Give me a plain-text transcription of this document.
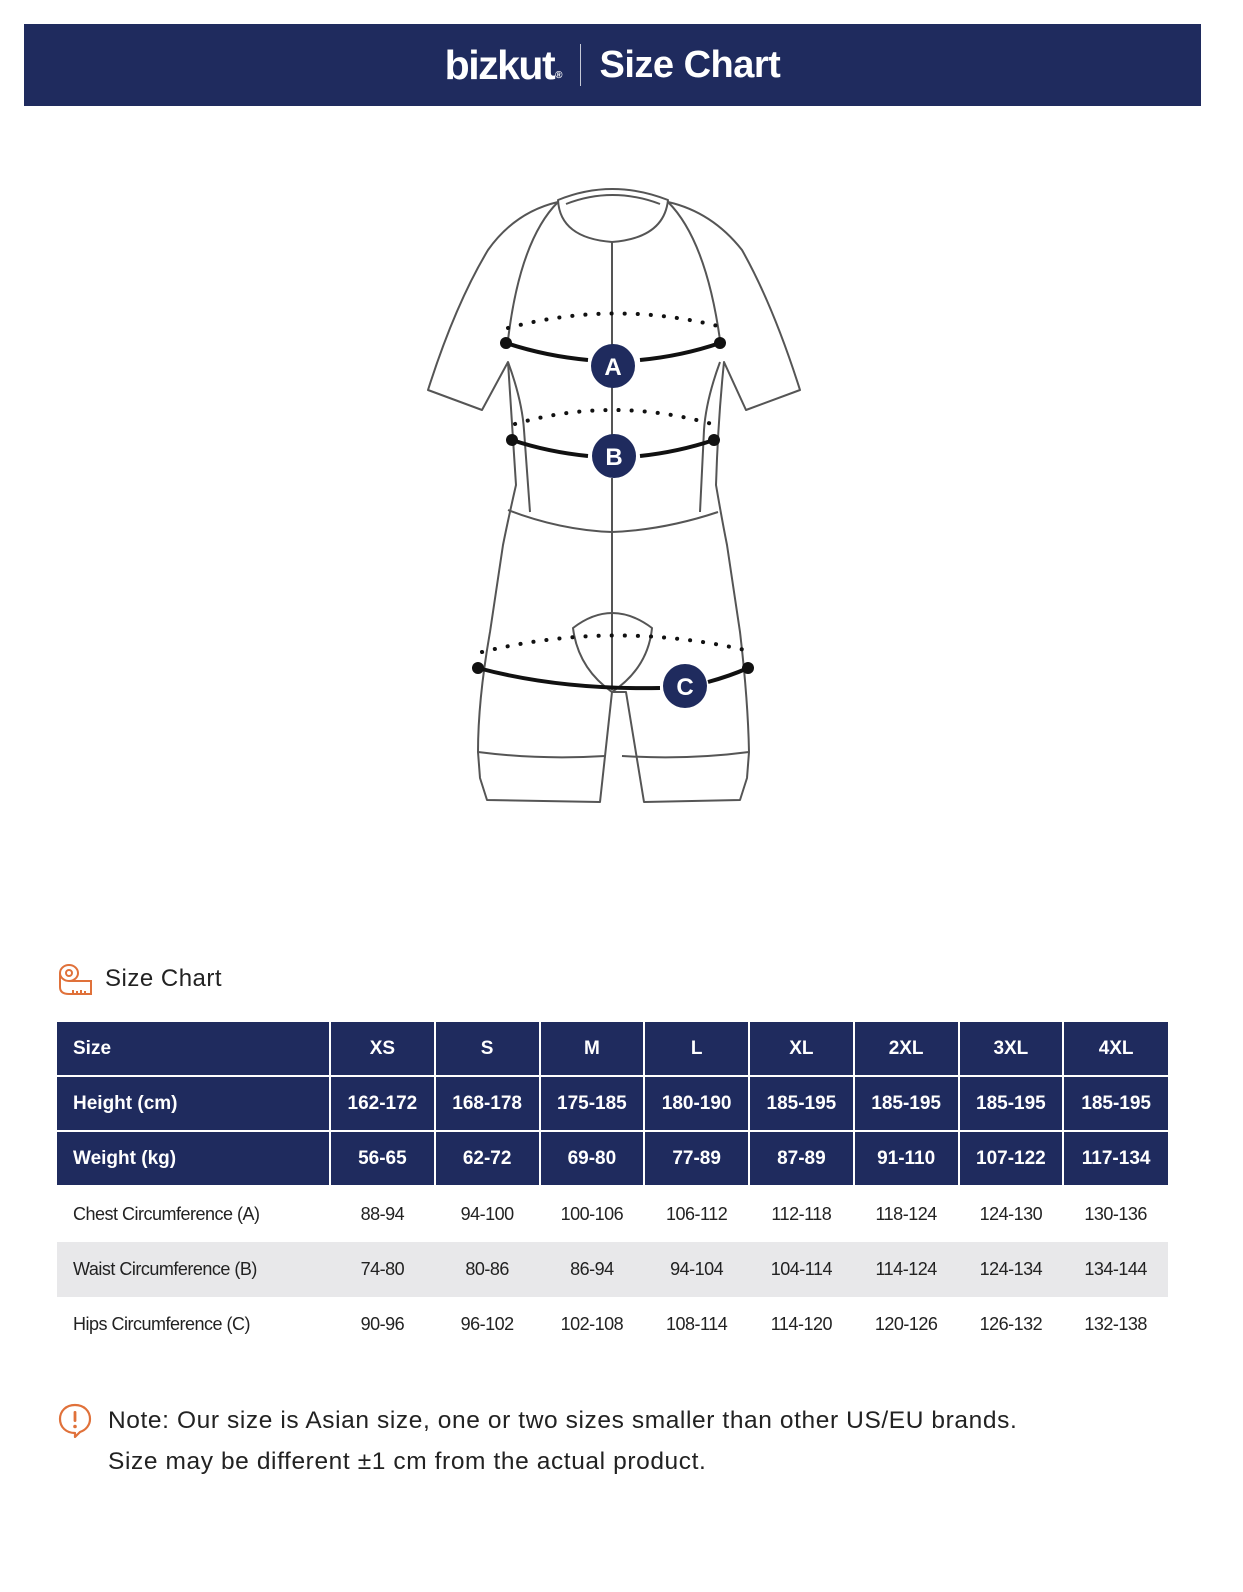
bizkut® Size Chart
A
B
C
Size Chart
Size	XS	S	M	L	XL	2XL	3XL	4XL
Height (cm)	162-172	168-178	175-185	180-190	185-195	185-195	185-195	185-195
Weight (kg)	56-65	62-72	69-80	77-89	87-89	91-110	107-122	117-134
Chest Circumference (A)	88-94	94-100	100-106	106-112	112-118	118-124	124-130	130-136
Waist Circumference (B)	74-80	80-86	86-94	94-104	104-114	114-124	124-134	134-144
Hips Circumference (C)	90-96	96-102	102-108	108-114	114-120	120-126	126-132	132-138
Note: Our size is Asian size, one or two sizes smaller than other US/EU brands.
Size may be different ±1 cm from the actual product.
